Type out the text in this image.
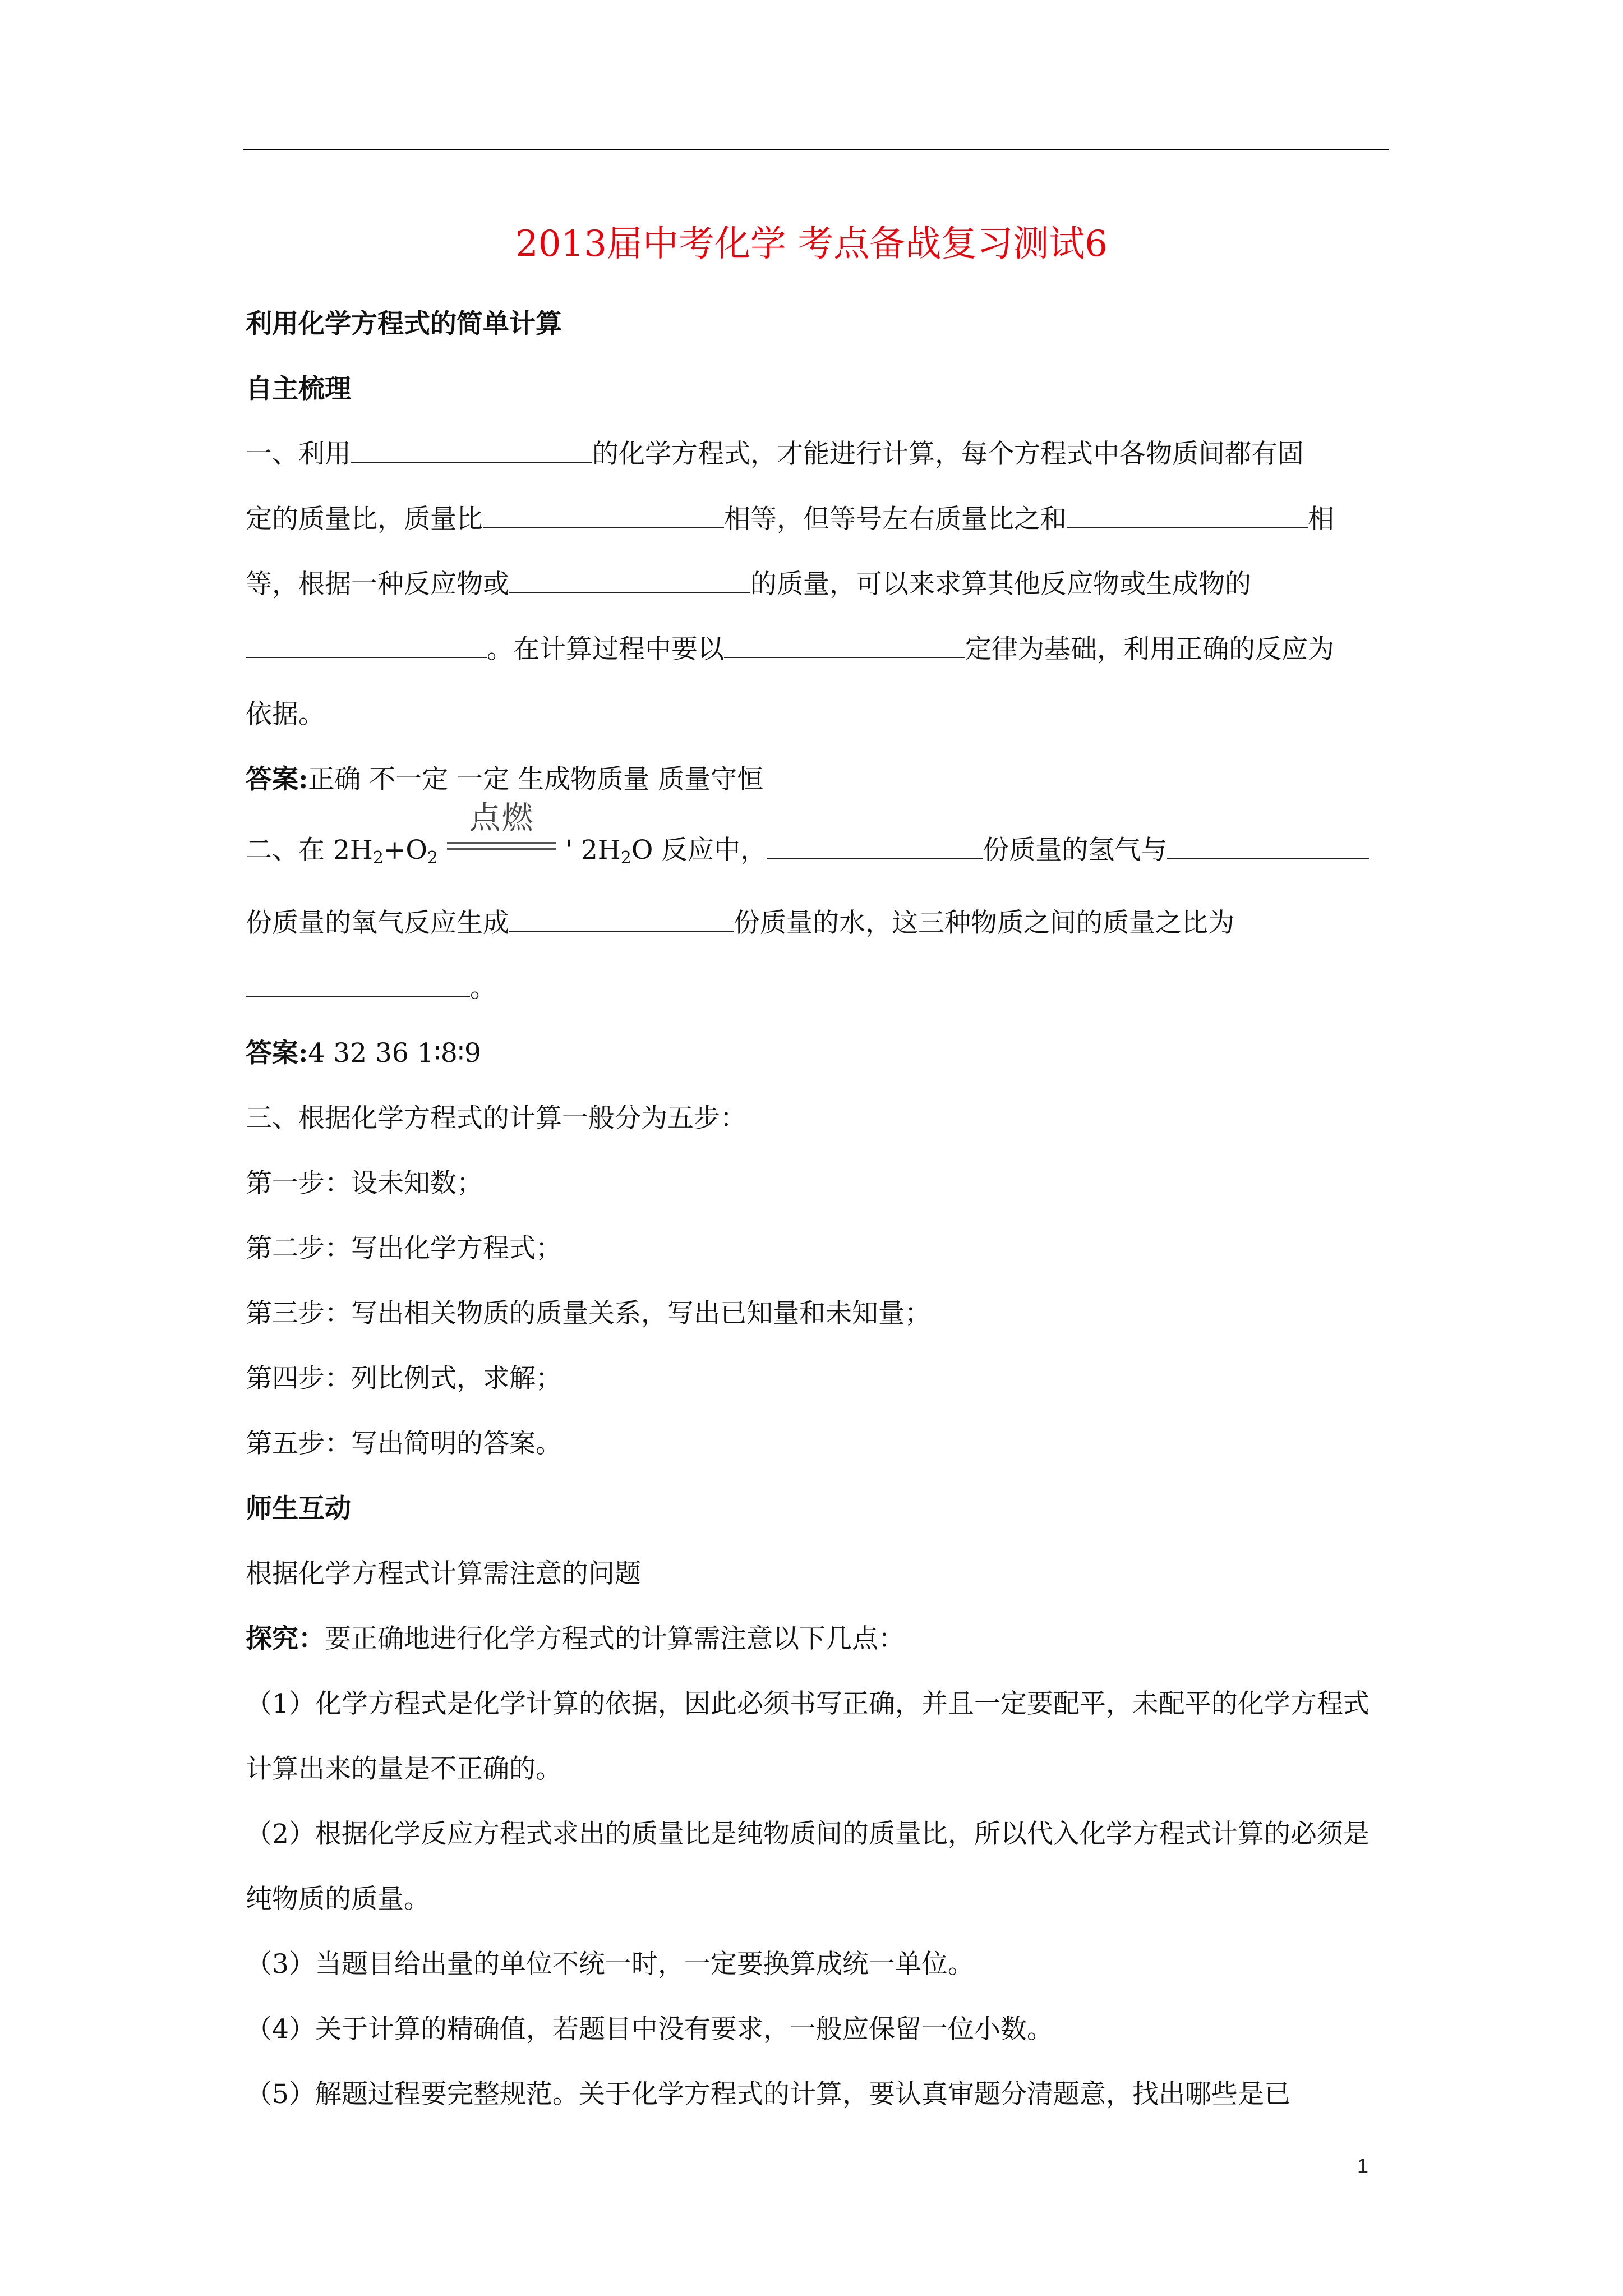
2013届中考化学 考点备战复习测试6

利用化学方程式的简单计算

自主梳理

一、利用	的化学方程式，才能进行计算，每个方程式中各物质间都有固
定的质量比，质量比	相等，但等号左右质量比之和	相
等，根据一种反应物或	的质量，可以来求算其他反应物或生成物的
。在计算过程中要以	定律为基础，利用正确的反应为
依据。

答案:正确 不一定 一定 生成物质量 质量守恒

二、在 $2H_2+O_2$
点燃
' $2H_2O$ 反应中，	份质量的氢气与
份质量的氧气反应生成	份质量的水，这三种物质之间的质量之比为
。

答案:4 32 36 1∶8∶9

三、根据化学方程式的计算一般分为五步：

第一步：设未知数；

第二步：写出化学方程式；

第三步：写出相关物质的质量关系，写出已知量和未知量；

第四步：列比例式，求解；

第五步：写出简明的答案。

师生互动

根据化学方程式计算需注意的问题

探究：要正确地进行化学方程式的计算需注意以下几点：

（1）化学方程式是化学计算的依据，因此必须书写正确，并且一定要配平，未配平的化学方程式计算出来的量是不正确的。

（2）根据化学反应方程式求出的质量比是纯物质间的质量比，所以代入化学方程式计算的必须是纯物质的质量。

（3）当题目给出量的单位不统一时，一定要换算成统一单位。

（4）关于计算的精确值，若题目中没有要求，一般应保留一位小数。

（5）解题过程要完整规范。关于化学方程式的计算，要认真审题分清题意，找出哪些是已

1
